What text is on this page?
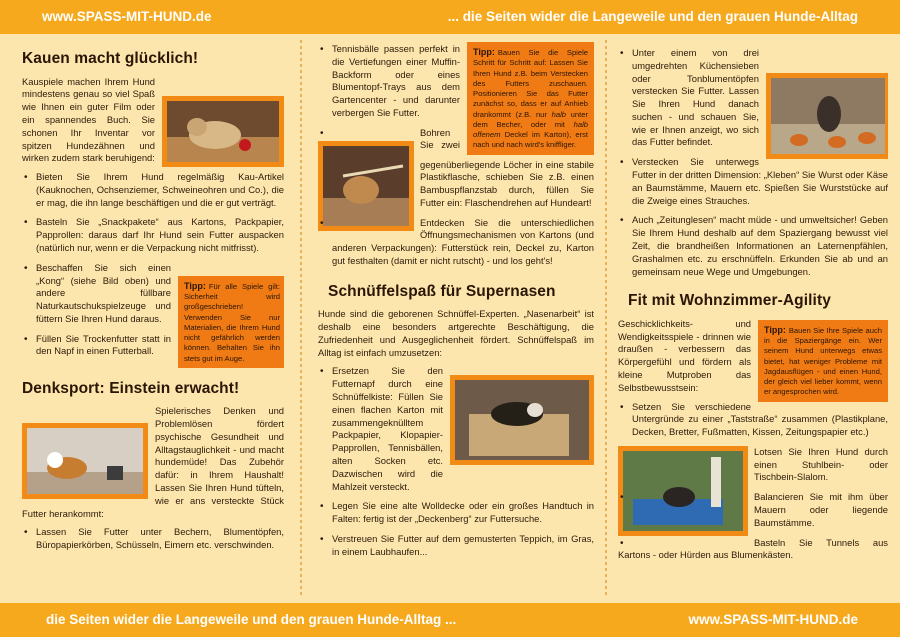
www.SPASS-MIT-HUND.de	... die Seiten wider die Langeweile und den grauen Hunde-Alltag
Kauen macht glücklich!

Kauspiele machen Ihrem Hund mindestens genau so viel Spaß wie Ihnen ein guter Film oder ein spannendes Buch. Sie schonen Ihr Inventar vor spitzen Hundezähnen und wirken zudem stark beruhigend:

• Bieten Sie Ihrem Hund regelmäßig Kau-Artikel (Kauknochen, Ochsenziemer, Schweineohren und Co.), die er mag, die ihn lange beschäftigen und die er gut verträgt.
• Basteln Sie „Snackpakete“ aus Kartons, Packpapier, Papprollen: daraus darf Ihr Hund sein Futter auspacken (natürlich nur, wenn er die Verpackung nicht mitfrisst).
• Tipp: Für alle Spiele gilt: Sicherheit wird großgeschrieben! Verwenden Sie nur Materialien, die Ihrem Hund nicht gefährlich werden können. Behalten Sie ihn stets gut im Auge.
Beschaffen Sie sich einen „Kong“ (siehe Bild oben) und andere füllbare Naturkautschukspielzeuge und füttern Sie Ihren Hund daraus.
• Füllen Sie Trockenfutter statt in den Napf in einen Futterball.
Denksport: Einstein erwacht!

Spielerisches Denken und Problemlösen fördert psychische Gesundheit und Alltagstauglichkeit - und macht hundemüde! Das Zubehör dafür: in Ihrem Haushalt! Lassen Sie Ihren Hund tüfteln, wie er ans versteckte Stück Futter herankommt:

• Lassen Sie Futter unter Bechern, Blumentöpfen, Büropapierkörben, Schüsseln, Eimern etc. verschwinden.
Tipp: Bauen Sie die Spiele Schritt für Schritt auf: Lassen Sie Ihren Hund z.B. beim Verstecken des Futters zuschauen. Positionieren Sie das Futter zunächst so, dass er auf Anhieb drankommt (z.B. nur halb unter dem Becher, oder mit halb offenem Deckel im Karton), erst nach und nach wird's kniffliger.
• Tennisbälle passen perfekt in die Vertiefungen einer Muffin-Backform oder eines Blumentopf-Trays aus dem Gartencenter - und darunter verbergen Sie Futter.
• Bohren Sie zwei gegenüberliegende Löcher in eine stabile Plastikflasche, schieben Sie z.B. einen Bambuspflanzstab durch, füllen Sie Futter ein: Flaschendrehen auf Hundeart!
• Entdecken Sie die unterschiedlichen Öffnungsmechanismen von Kartons (und anderen Verpackungen): Futterstück rein, Deckel zu, Karton gut festhalten (damit er nicht rutscht) - und los geht's!
Schnüffelspaß für Supernasen

Hunde sind die geborenen Schnüffel-Experten. „Nasenarbeit“ ist deshalb eine besonders artgerechte Beschäftigung, die Zufriedenheit und Ausgeglichenheit fördert. Schnüffelspaß im Alltag ist einfach umzusetzen:

• Ersetzen Sie den Futternapf durch eine Schnüffelkiste: Füllen Sie einen flachen Karton mit zusammengeknülltem Packpapier, Klopapier-Papprollen, Tennisbällen, alten Socken etc. Dazwischen wird die Mahlzeit versteckt.
• Legen Sie eine alte Wolldecke oder ein großes Handtuch in Falten: fertig ist der „Deckenberg“ zur Futtersuche.
• Verstreuen Sie Futter auf dem gemusterten Teppich, im Gras, in einem Laubhaufen...
• Unter einem von drei umgedrehten Küchensieben oder Tonblumentöpfen verstecken Sie Futter. Lassen Sie Ihren Hund danach suchen - und schauen Sie, wie er Ihnen anzeigt, wo sich das Futter befindet.
• Verstecken Sie unterwegs Futter in der dritten Dimension: „Kleben“ Sie Wurst oder Käse an Baumstämme, Mauern etc. Spießen Sie Wurststücke auf die Zweige eines Strauches.
• Auch „Zeitunglesen“ macht müde - und umweltsicher! Geben Sie Ihrem Hund deshalb auf dem Spaziergang bewusst viel Zeit, die brandheißen Informationen an Laternenpfählen, Grashalmen etc. zu erschnüffeln. Erkunden Sie ab und an gemeinsam neue Wege und Umgebungen.
Fit mit Wohnzimmer-Agility
Tipp: Bauen Sie Ihre Spiele auch in die Spaziergänge ein. Wer seinem Hund unterwegs etwas bietet, hat weniger Probleme mit Jagdausflügen - und einen Hund, der gleich viel lieber kommt, wenn er angesprochen wird.

Geschicklichkeits- und Wendigkeitsspiele - drinnen wie draußen - verbessern das Körpergefühl und fördern als kleine Mutproben das Selbstbewusstsein:

• Setzen Sie verschiedene Untergründe zu einer „Taststraße“ zusammen (Plastikplane, Decken, Bretter, Fußmatten, Kissen, Zeitungspapier etc.)
• Lotsen Sie Ihren Hund durch einen Stuhlbein- oder Tischbein-Slalom.
• Balancieren Sie mit ihm über Mauern oder liegende Baumstämme.
• Basteln Sie Tunnels aus Kartons - oder Hürden aus Blumenkästen.
die Seiten wider die Langeweile und den grauen Hunde-Alltag ...	www.SPASS-MIT-HUND.de
